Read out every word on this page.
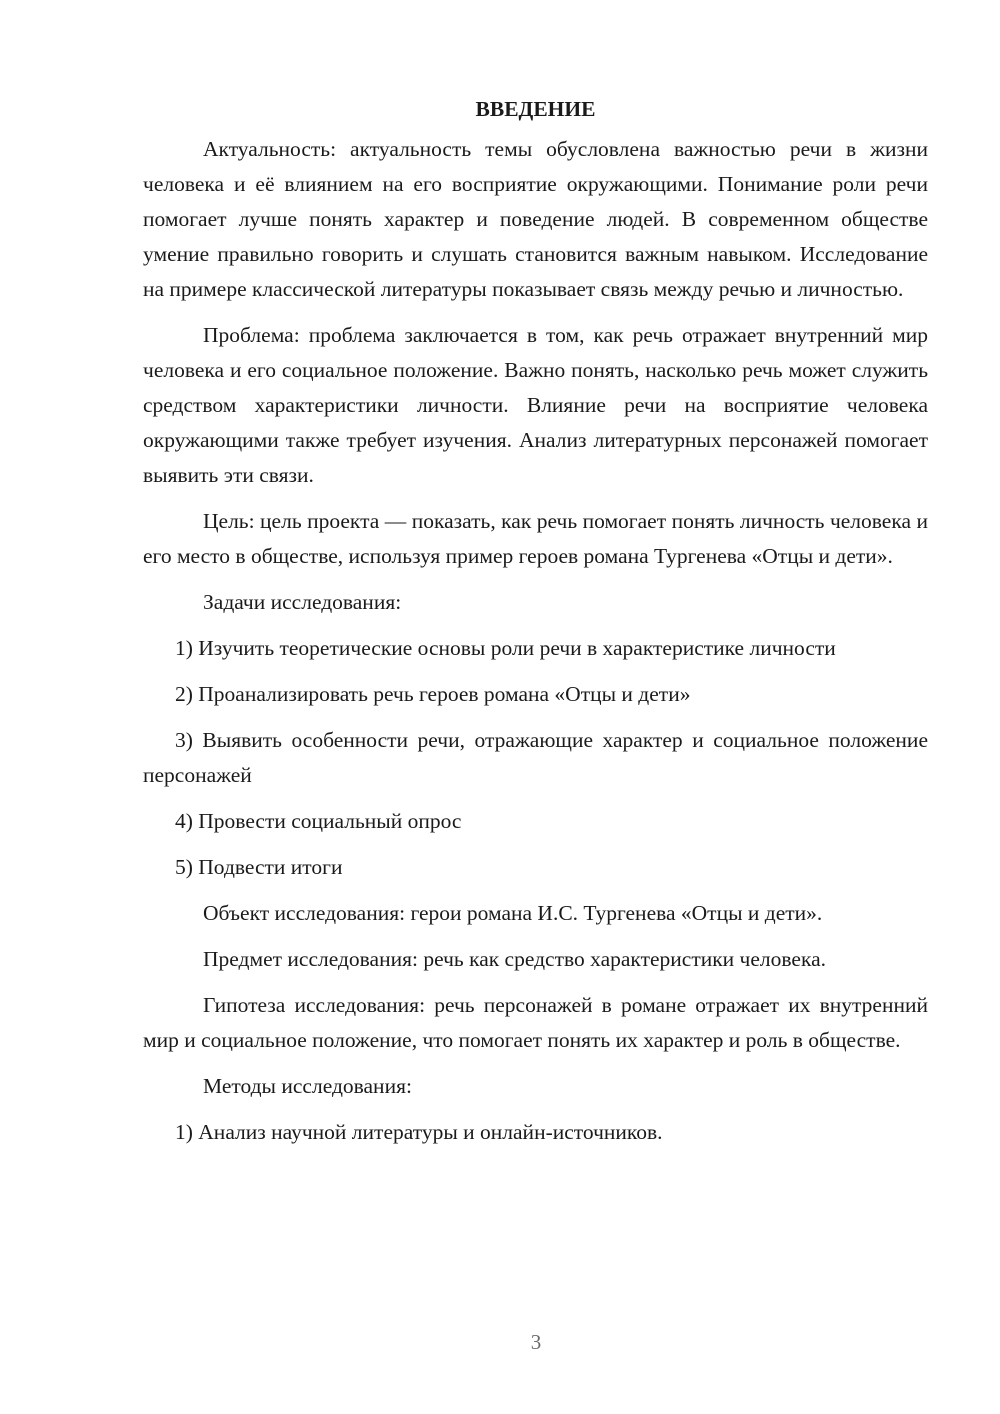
ВВЕДЕНИЕ

Актуальность: актуальность темы обусловлена важностью речи в жизни человека и её влиянием на его восприятие окружающими. Понимание роли речи помогает лучше понять характер и поведение людей. В современном обществе умение правильно говорить и слушать становится важным навыком. Исследование на примере классической литературы показывает связь между речью и личностью.

Проблема: проблема заключается в том, как речь отражает внутренний мир человека и его социальное положение. Важно понять, насколько речь может служить средством характеристики личности. Влияние речи на восприятие человека окружающими также требует изучения. Анализ литературных персонажей помогает выявить эти связи.

Цель: цель проекта — показать, как речь помогает понять личность человека и его место в обществе, используя пример героев романа Тургенева «Отцы и дети».

Задачи исследования:
1) Изучить теоретические основы роли речи в характеристике личности
2) Проанализировать речь героев романа «Отцы и дети»
3) Выявить особенности речи, отражающие характер и социальное положение персонажей
4) Провести социальный опрос
5) Подвести итоги
Объект исследования: герои романа И.С. Тургенева «Отцы и дети».
Предмет исследования: речь как средство характеристики человека.

Гипотеза исследования: речь персонажей в романе отражает их внутренний мир и социальное положение, что помогает понять их характер и роль в обществе.

Методы исследования:
1) Анализ научной литературы и онлайн-источников.
3
